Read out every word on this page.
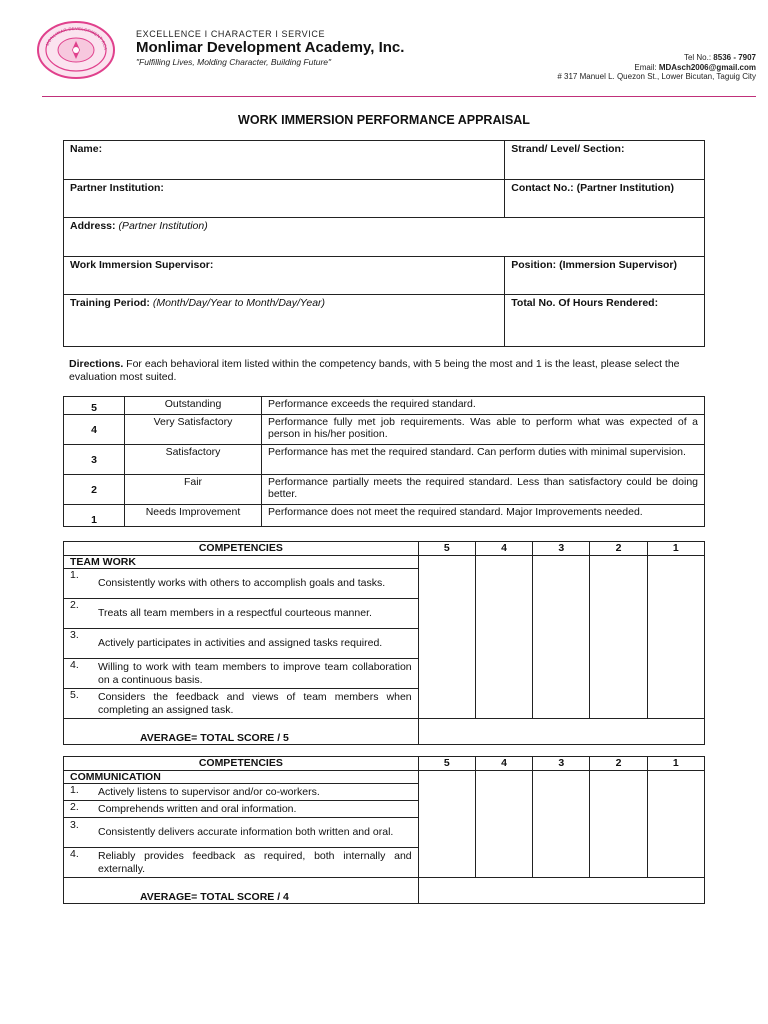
MONLIMAR DEVELOPMENT ACA
EXCELLENCE I CHARACTER I SERVICE
Monlimar Development Academy, Inc.
"Fulfilling Lives, Molding Character, Building Future"	Tel No.: 8536 - 7907
Email: MDAsch2006@gmail.com
# 317 Manuel L. Quezon St., Lower Bicutan, Taguig City
WORK IMMERSION PERFORMANCE APPRAISAL
Name:	Strand/ Level/ Section:
Partner Institution:	Contact No.: (Partner Institution)
Address: (Partner Institution)	
Work Immersion Supervisor:	Position: (Immersion Supervisor)
Training Period: (Month/Day/Year to Month/Day/Year)	Total No. Of Hours Rendered:
Directions. For each behavioral item listed within the competency bands, with 5 being the most and 1 is the least, please select the evaluation most suited.
5	Outstanding	Performance exceeds the required standard.
4	Very Satisfactory	Performance fully met job requirements. Was able to perform what was expected of a person in his/her position.
3	Satisfactory	Performance has met the required standard. Can perform duties with minimal supervision.
2	Fair	Performance partially meets the required standard. Less than satisfactory could be doing better.
1	Needs Improvement	Performance does not meet the required standard. Major Improvements needed.
COMPETENCIES	5	4	3	2	1
TEAM WORK					

1.
Consistently works with others to accomplish goals and tasks.					

2.
Treats all team members in a respectful courteous manner.					

3.
Actively participates in activities and assigned tasks required.					

4. Willing to work with team members to improve team collaboration on a continuous basis.					

5. Considers the feedback and views of team members when completing an assigned task.					
AVERAGE= TOTAL SCORE / 5					
COMPETENCIES	5	4	3	2	1
COMMUNICATION					

1. Actively listens to supervisor and/or co-workers.					

2. Comprehends written and oral information.					

3.
Consistently delivers accurate information both written and oral.					

4. Reliably provides feedback as required, both internally and externally.					
AVERAGE= TOTAL SCORE / 4					
